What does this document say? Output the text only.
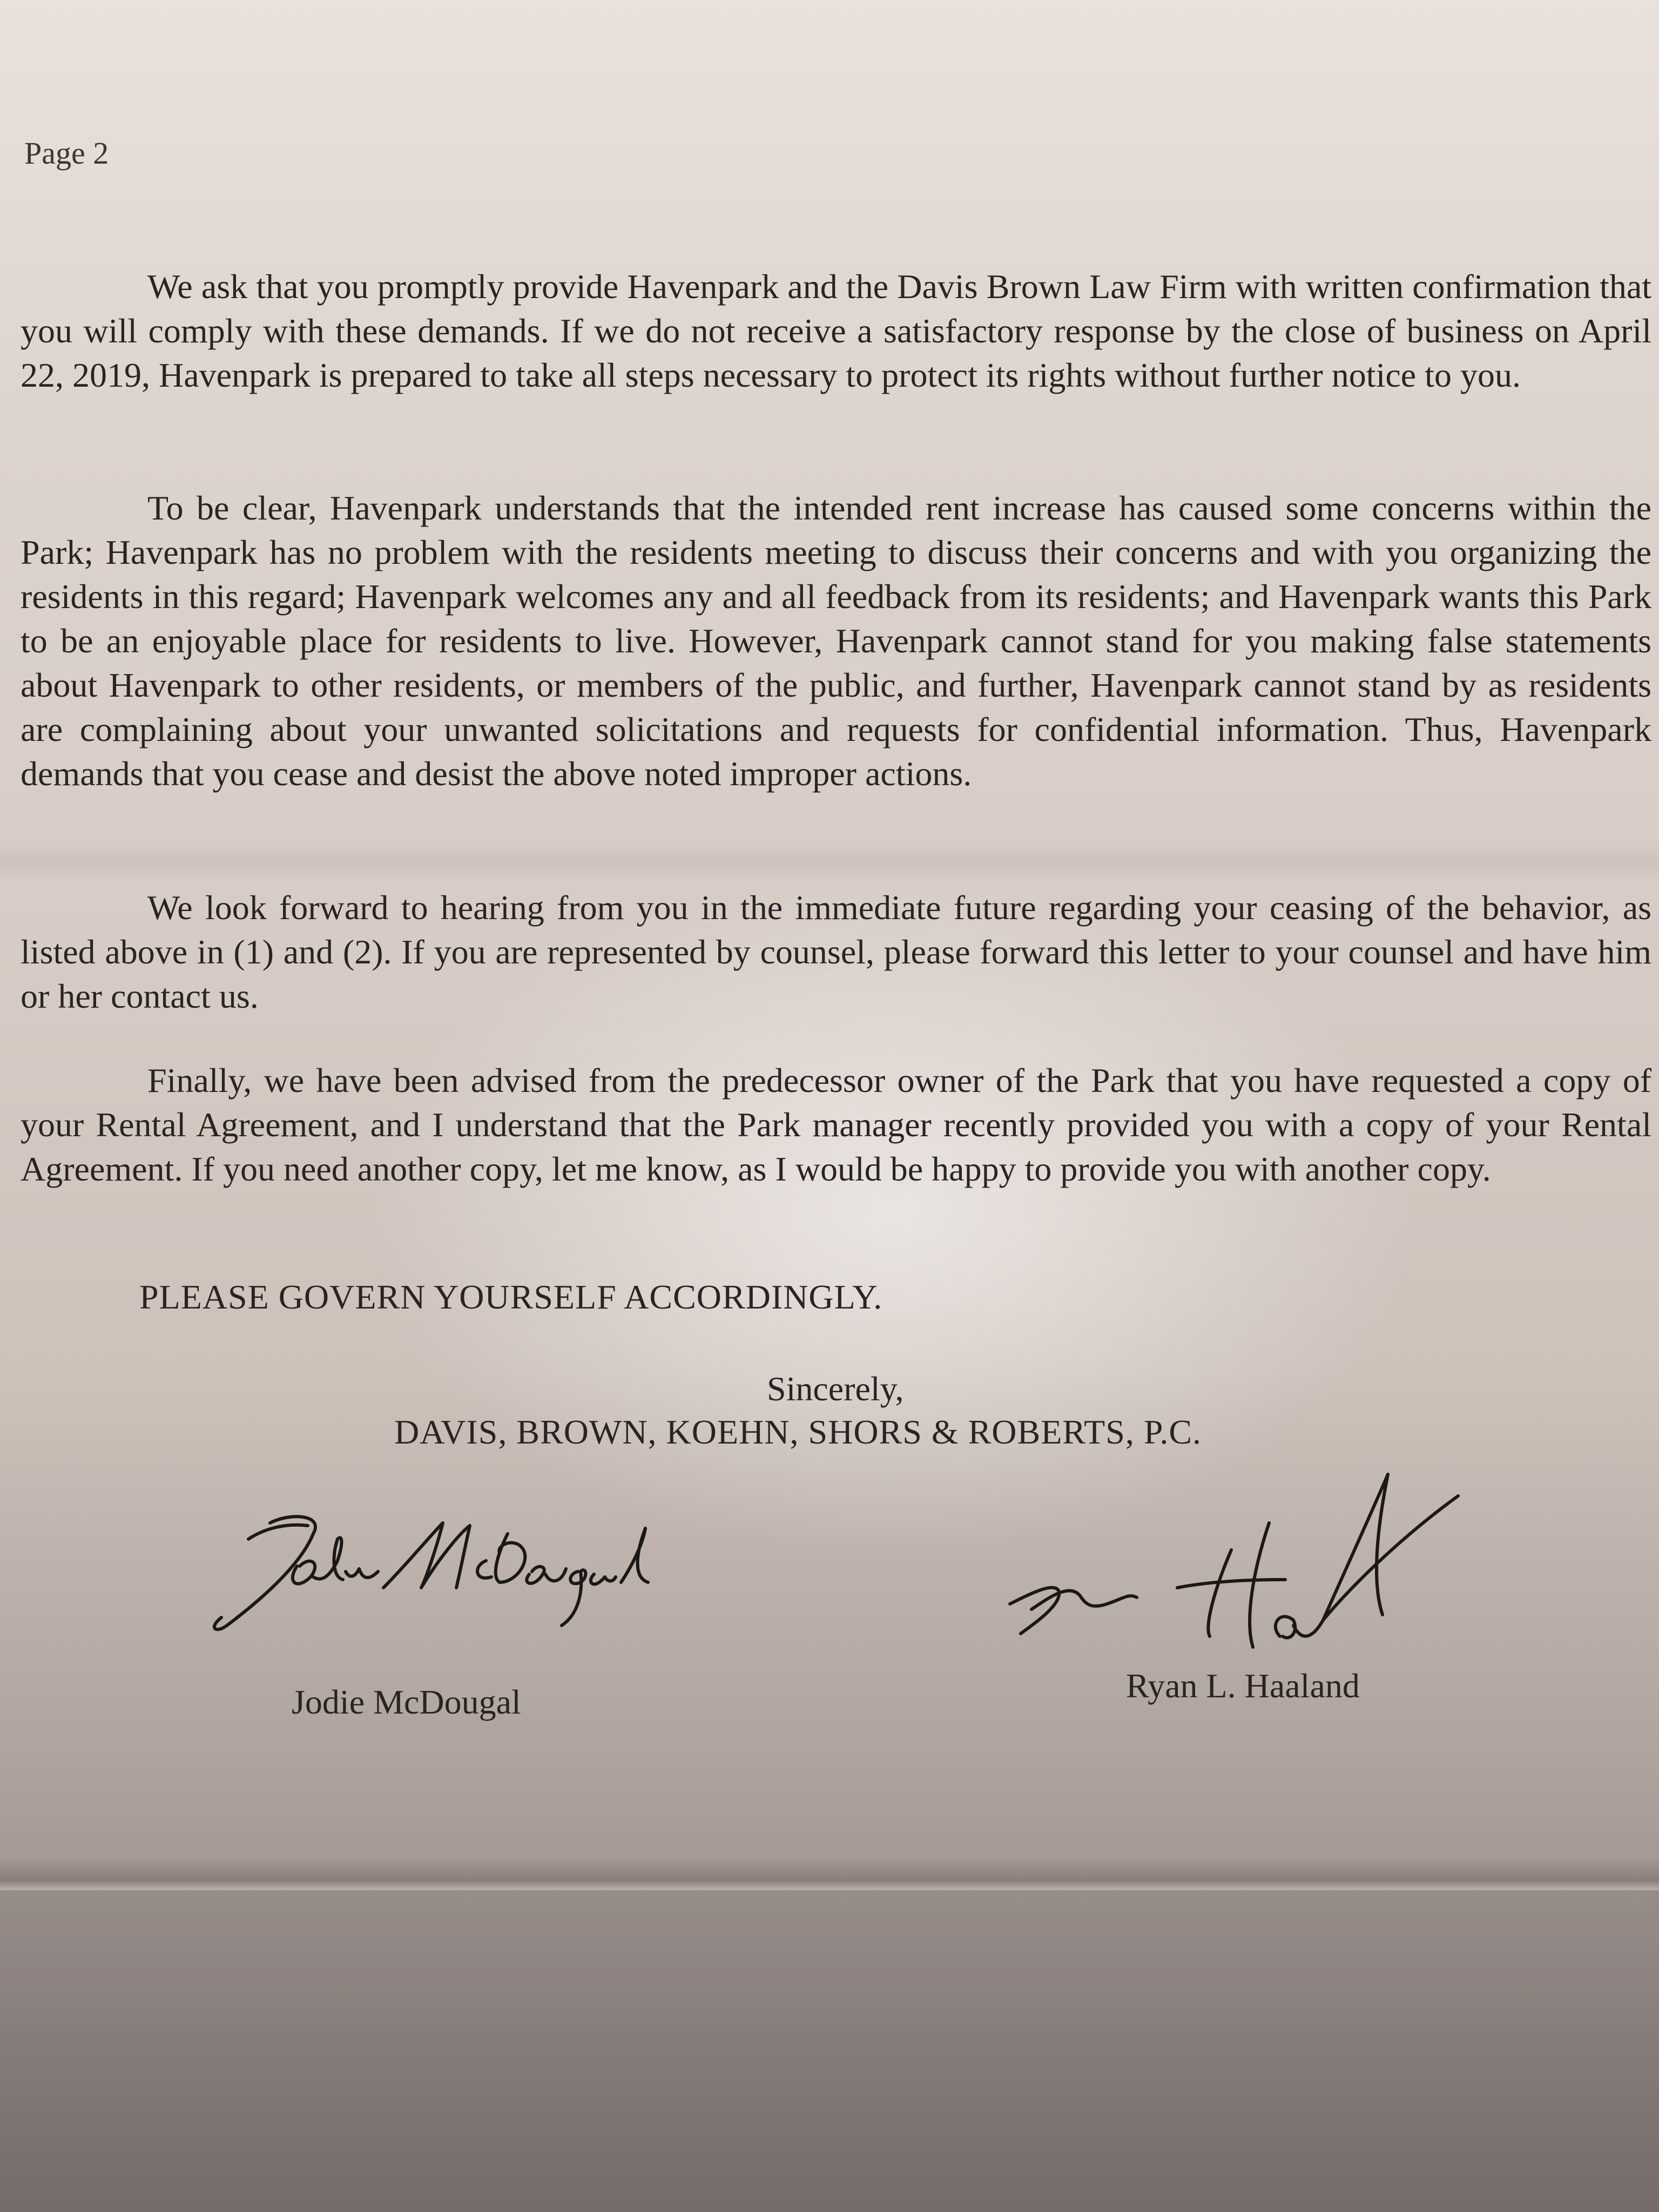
Page 2
We ask that you promptly provide Havenpark and the Davis Brown Law Firm with written confirmation that you will comply with these demands. If we do not receive a satisfactory response by the close of business on April 22, 2019, Havenpark is prepared to take all steps necessary to protect its rights without further notice to you.
To be clear, Havenpark understands that the intended rent increase has caused some concerns within the Park; Havenpark has no problem with the residents meeting to discuss their concerns and with you organizing the residents in this regard; Havenpark welcomes any and all feedback from its residents; and Havenpark wants this Park to be an enjoyable place for residents to live. However, Havenpark cannot stand for you making false statements about Havenpark to other residents, or members of the public, and further, Havenpark cannot stand by as residents are complaining about your unwanted solicitations and requests for confidential information. Thus, Havenpark demands that you cease and desist the above noted improper actions.
We look forward to hearing from you in the immediate future regarding your ceasing of the behavior, as listed above in (1) and (2). If you are represented by counsel, please forward this letter to your counsel and have him or her contact us.
Finally, we have been advised from the predecessor owner of the Park that you have requested a copy of your Rental Agreement, and I understand that the Park manager recently provided you with a copy of your Rental Agreement. If you need another copy, let me know, as I would be happy to provide you with another copy.
PLEASE GOVERN YOURSELF ACCORDINGLY.
Sincerely,
DAVIS, BROWN, KOEHN, SHORS & ROBERTS, P.C.
Jodie McDougal	Ryan L. Haaland
